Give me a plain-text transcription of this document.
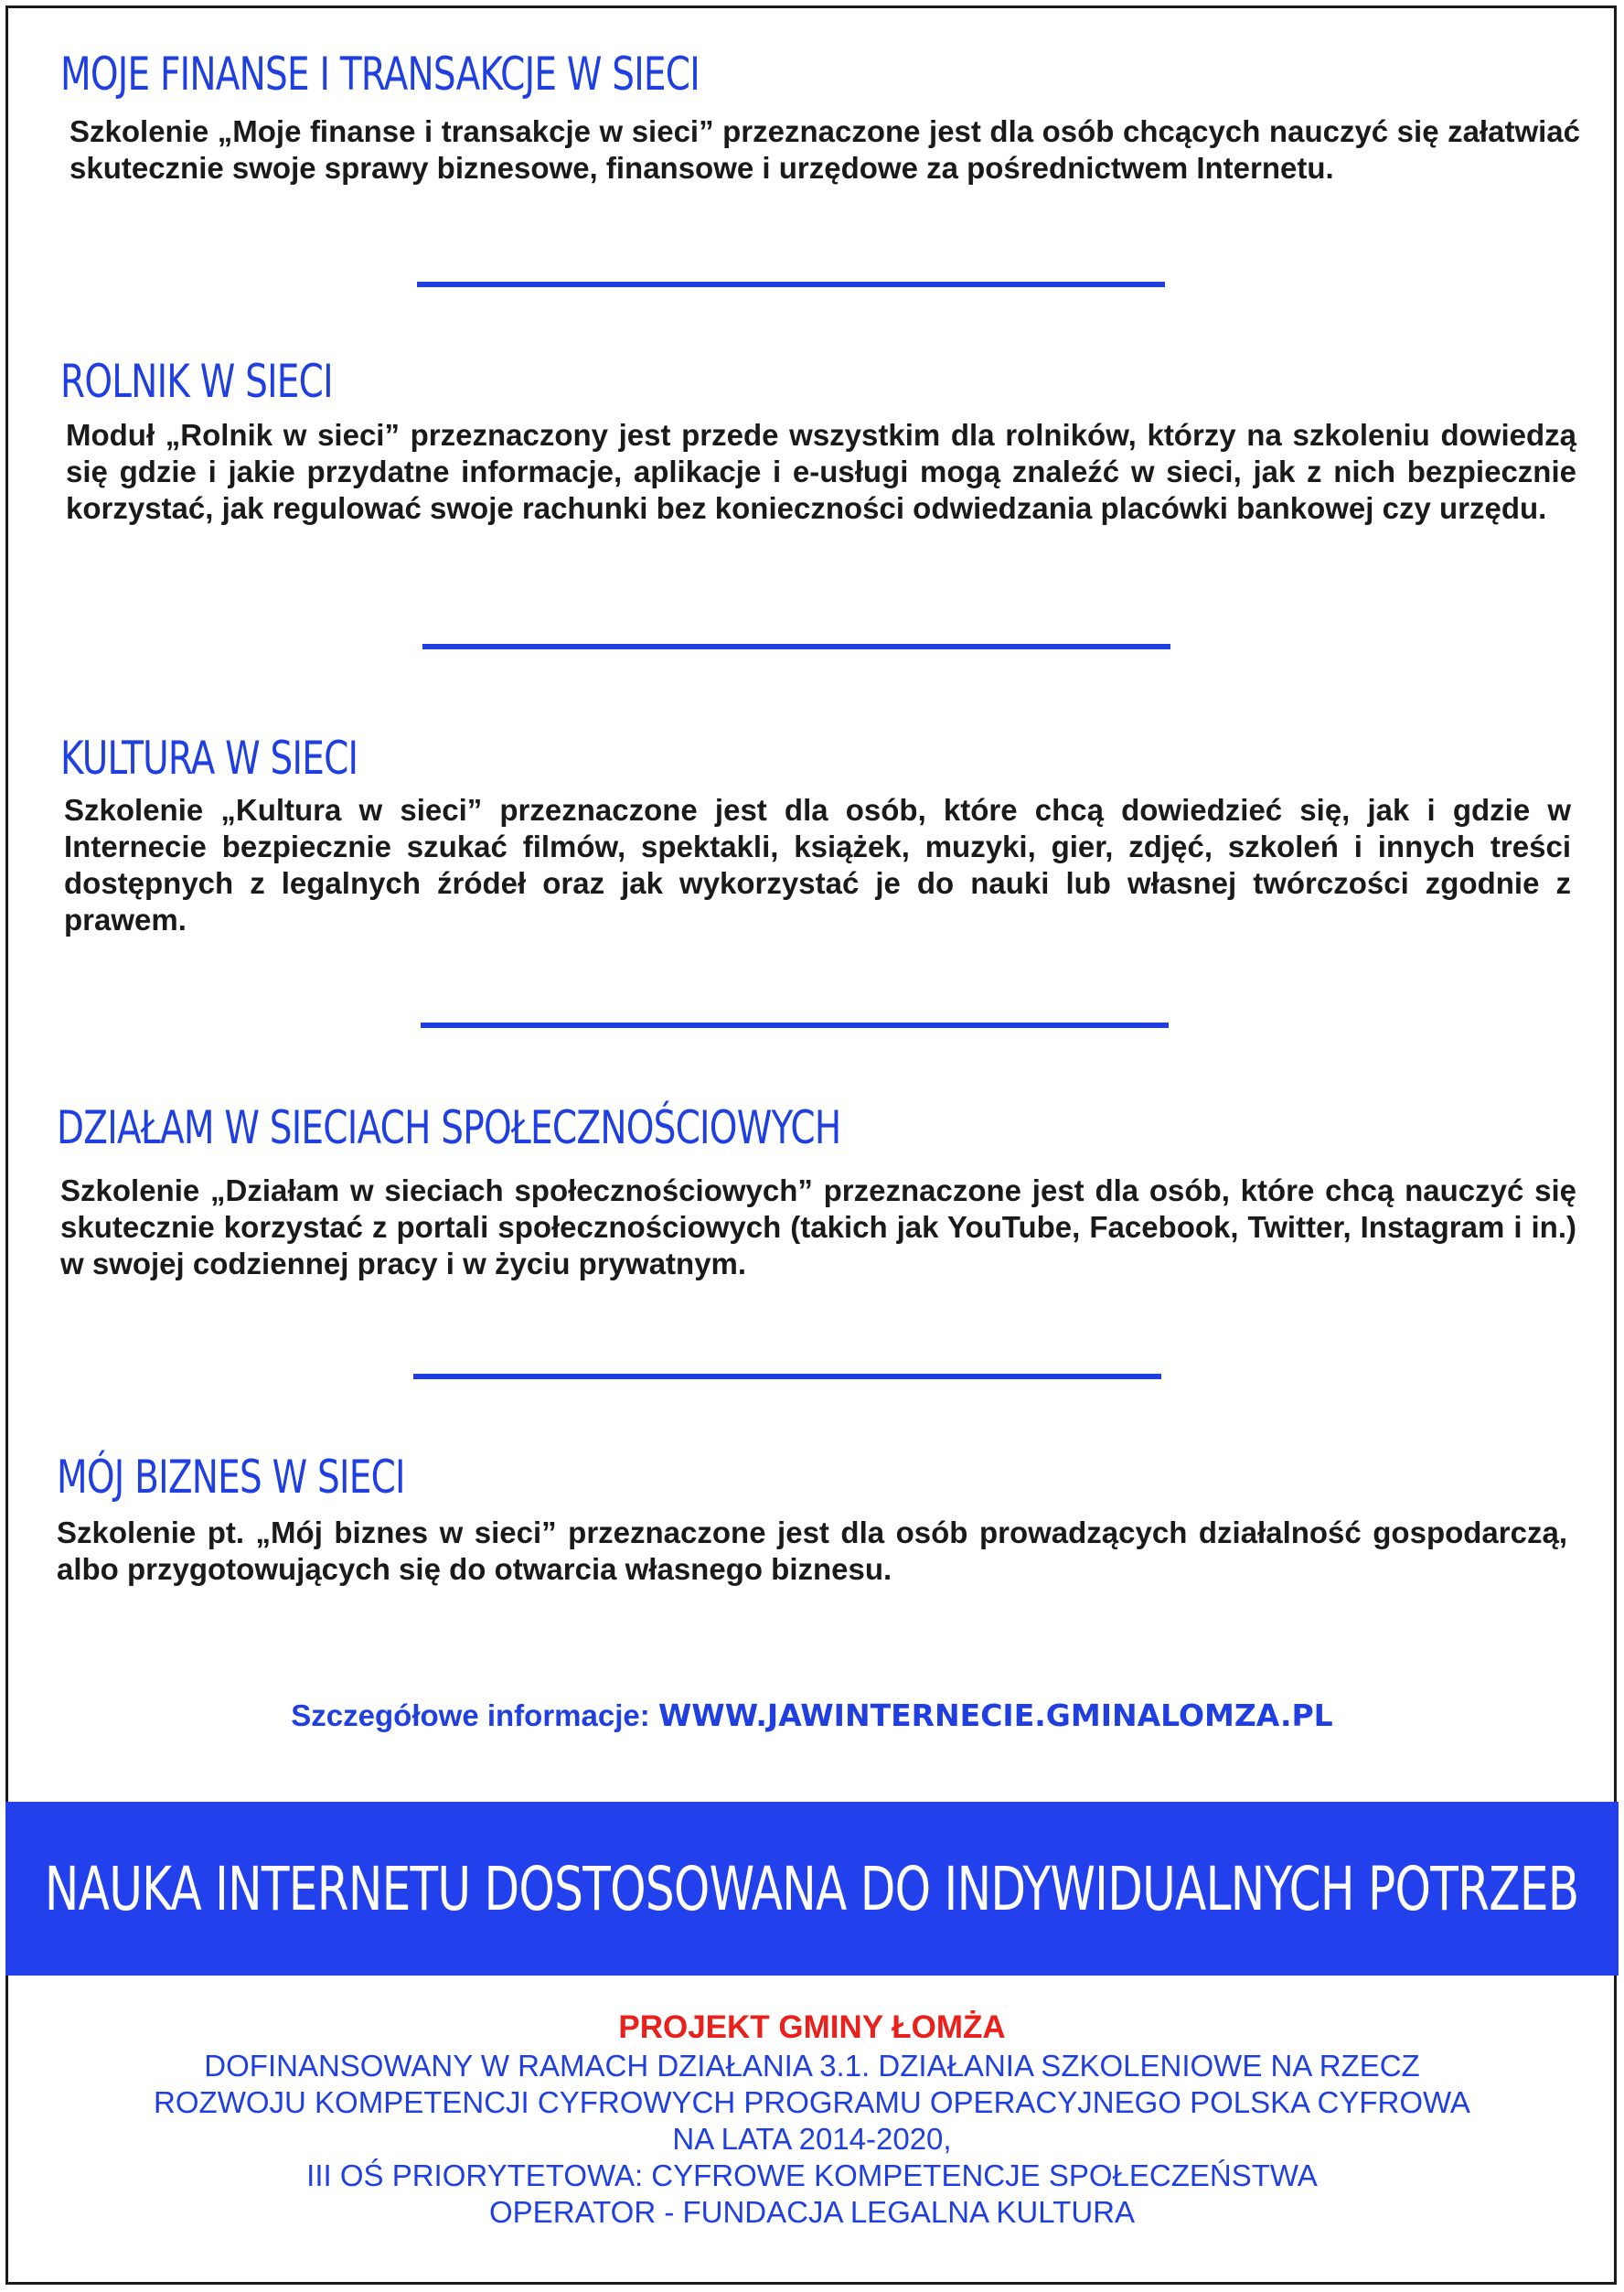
MOJE FINANSE I TRANSAKCJE W SIECI

Szkolenie „Moje finanse i transakcje w sieci” przeznaczone jest dla osób chcących nauczyć się załatwiać skutecznie swoje sprawy biznesowe, finansowe i urzędowe za pośrednictwem Internetu.

ROLNIK W SIECI

Moduł „Rolnik w sieci” przeznaczony jest przede wszystkim dla rolników, którzy na szkoleniu dowiedzą się gdzie i jakie przydatne informacje, aplikacje i e-usługi mogą znaleźć w sieci, jak z nich bezpiecznie korzystać, jak regulować swoje rachunki bez konieczności odwiedzania placówki bankowej czy urzędu.

KULTURA W SIECI

Szkolenie „Kultura w sieci” przeznaczone jest dla osób, które chcą dowiedzieć się, jak i gdzie w Internecie bezpiecznie szukać filmów, spektakli, książek, muzyki, gier, zdjęć, szkoleń i innych treści dostępnych z legalnych źródeł oraz jak wykorzystać je do nauki lub własnej twórczości zgodnie z prawem.

DZIAŁAM W SIECIACH SPOŁECZNOŚCIOWYCH

Szkolenie „Działam w sieciach społecznościowych” przeznaczone jest dla osób, które chcą nauczyć się skutecznie korzystać z portali społecznościowych (takich jak YouTube, Facebook, Twitter, Instagram i in.) w swojej codziennej pracy i w życiu prywatnym.

MÓJ BIZNES W SIECI

Szkolenie pt. „Mój biznes w sieci” przeznaczone jest dla osób prowadzących działalność gospodarczą, albo przygotowujących się do otwarcia własnego biznesu.

Szczegółowe informacje: WWW.JAWINTERNECIE.GMINALOMZA.PL
NAUKA INTERNETU DOSTOSOWANA DO INDYWIDUALNYCH POTRZEB
PROJEKT GMINY ŁOMŻA
DOFINANSOWANY W RAMACH DZIAŁANIA 3.1. DZIAŁANIA SZKOLENIOWE NA RZECZ
ROZWOJU KOMPETENCJI CYFROWYCH PROGRAMU OPERACYJNEGO POLSKA CYFROWA
NA LATA 2014-2020,
III OŚ PRIORYTETOWA: CYFROWE KOMPETENCJE SPOŁECZEŃSTWA
OPERATOR - FUNDACJA LEGALNA KULTURA
